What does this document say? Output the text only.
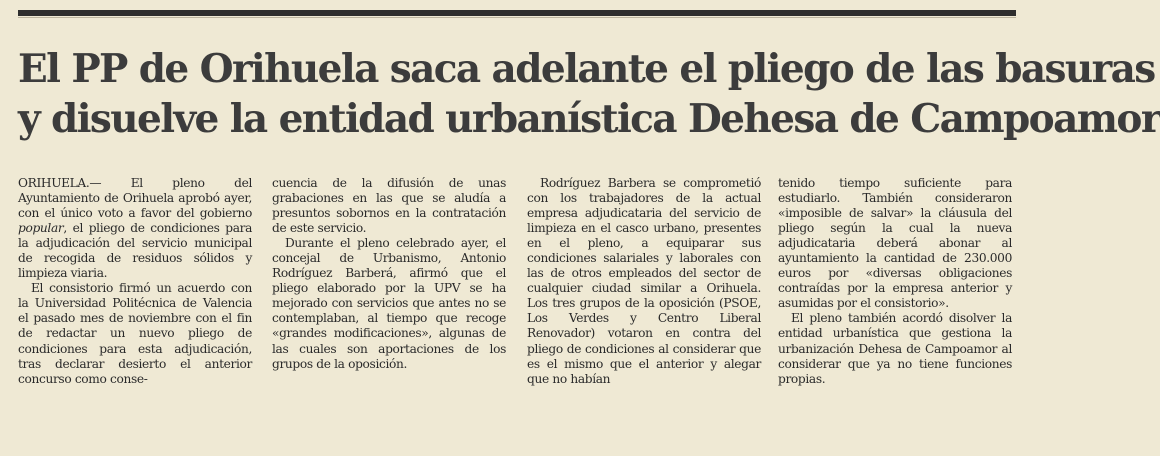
El PP de Orihuela saca adelante el pliego de las basuras
y disuelve la entidad urbanística Dehesa de Campoamor

ORIHUELA.— El pleno del Ayuntamiento de Orihuela aprobó ayer, con el único voto a favor del gobierno popular, el pliego de condiciones para la adjudicación del servicio municipal de recogida de residuos sólidos y limpieza viaria.

El consistorio firmó un acuerdo con la Universidad Politécnica de Valencia el pasado mes de noviembre con el fin de redactar un nuevo pliego de condiciones para esta adjudicación, tras declarar desierto el anterior concurso como conse-

cuencia de la difusión de unas grabaciones en las que se aludía a presuntos sobornos en la contratación de este servicio.

Durante el pleno celebrado ayer, el concejal de Urbanismo, Antonio Rodríguez Barberá, afirmó que el pliego elaborado por la UPV se ha mejorado con servicios que antes no se contemplaban, al tiempo que recoge «grandes modificaciones», algunas de las cuales son aportaciones de los grupos de la oposición.

Rodríguez Barbera se comprometió con los trabajadores de la actual empresa adjudicataria del servicio de limpieza en el casco urbano, presentes en el pleno, a equiparar sus condiciones salariales y laborales con las de otros empleados del sector de cualquier ciudad similar a Orihuela. Los tres grupos de la oposición (PSOE, Los Verdes y Centro Liberal Renovador) votaron en contra del pliego de condiciones al considerar que es el mismo que el anterior y alegar que no habían

tenido tiempo suficiente para estudiarlo. También consideraron «imposible de salvar» la cláusula del pliego según la cual la nueva adjudicataria deberá abonar al ayuntamiento la cantidad de 230.000 euros por «diversas obligaciones contraídas por la empresa anterior y asumidas por el consistorio».

El pleno también acordó disolver la entidad urbanística que gestiona la urbanización Dehesa de Campoamor al considerar que ya no tiene funciones propias.
